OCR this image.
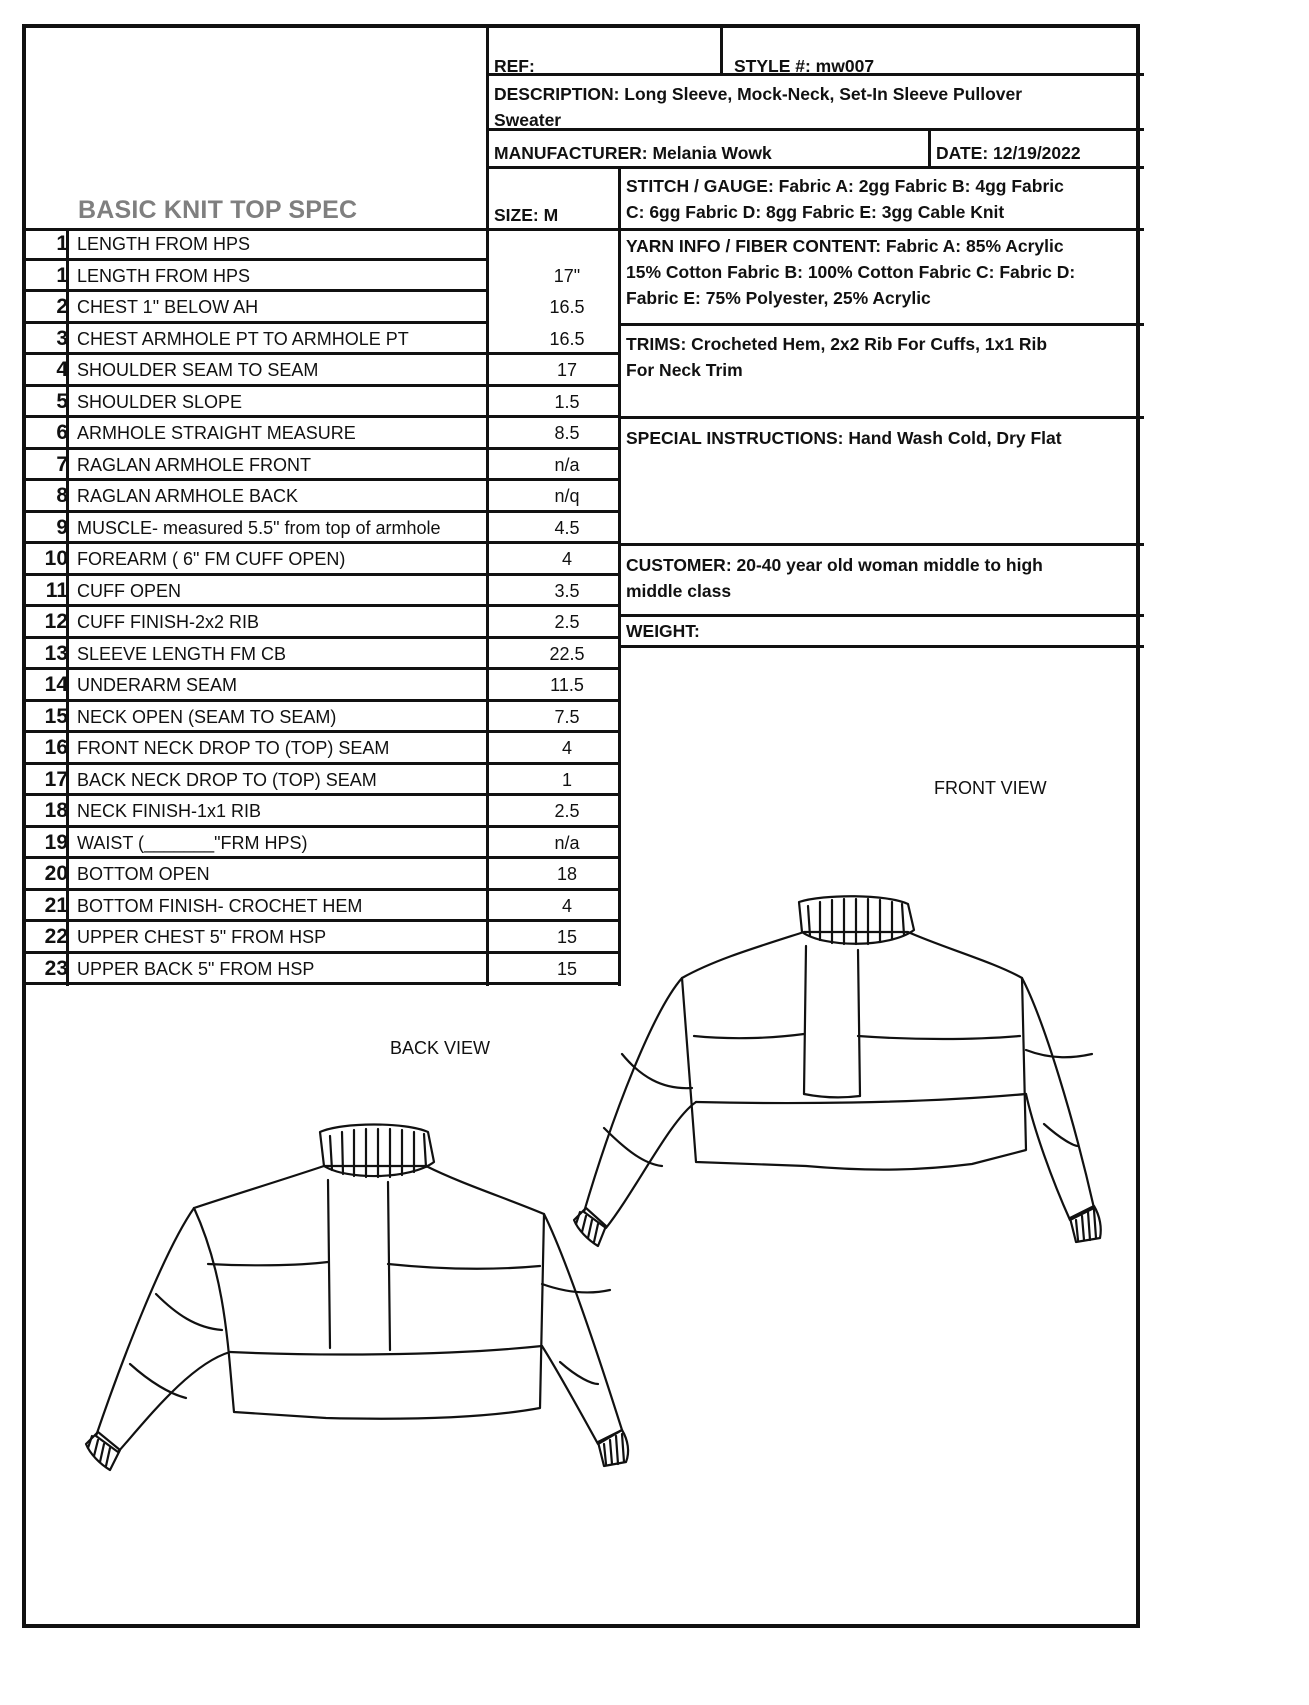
BASIC KNIT TOP SPEC
REF:	STYLE #: mw007
DESCRIPTION: Long Sleeve, Mock-Neck, Set-In Sleeve Pullover
Sweater
MANUFACTURER: Melania Wowk	DATE: 12/19/2022
SIZE: M
STITCH / GAUGE: Fabric A: 2gg Fabric B: 4gg Fabric
C: 6gg Fabric D: 8gg Fabric E: 3gg Cable Knit
YARN INFO / FIBER CONTENT: Fabric A: 85% Acrylic
15% Cotton Fabric B: 100% Cotton Fabric C: Fabric D:
Fabric E: 75% Polyester, 25% Acrylic
TRIMS: Crocheted Hem, 2x2 Rib For Cuffs, 1x1 Rib
For Neck Trim
SPECIAL INSTRUCTIONS: Hand Wash Cold, Dry Flat
CUSTOMER: 20-40 year old woman middle to high
middle class
WEIGHT:
1 LENGTH FROM HPS
1 LENGTH FROM HPS	17"
2 CHEST 1" BELOW AH	16.5
3 CHEST ARMHOLE PT TO ARMHOLE PT	16.5
4 SHOULDER SEAM TO SEAM	17
5 SHOULDER SLOPE	1.5
6 ARMHOLE STRAIGHT MEASURE	8.5
7 RAGLAN ARMHOLE FRONT	n/a
8 RAGLAN ARMHOLE BACK	n/q
9 MUSCLE- measured 5.5" from top of armhole	4.5
10 FOREARM ( 6" FM CUFF OPEN)	4
11 CUFF OPEN	3.5
12 CUFF FINISH-2x2 RIB	2.5
13 SLEEVE LENGTH FM CB	22.5
14 UNDERARM SEAM	11.5
15 NECK OPEN (SEAM TO SEAM)	7.5
16 FRONT NECK DROP TO (TOP) SEAM	4
17 BACK NECK DROP TO (TOP) SEAM	1
18 NECK FINISH-1x1 RIB	2.5
19 WAIST (_______"FRM HPS)	n/a
20 BOTTOM OPEN	18
21 BOTTOM FINISH- CROCHET HEM	4
22 UPPER CHEST 5" FROM HSP	15
23 UPPER BACK 5" FROM HSP	15
FRONT VIEW
BACK VIEW
